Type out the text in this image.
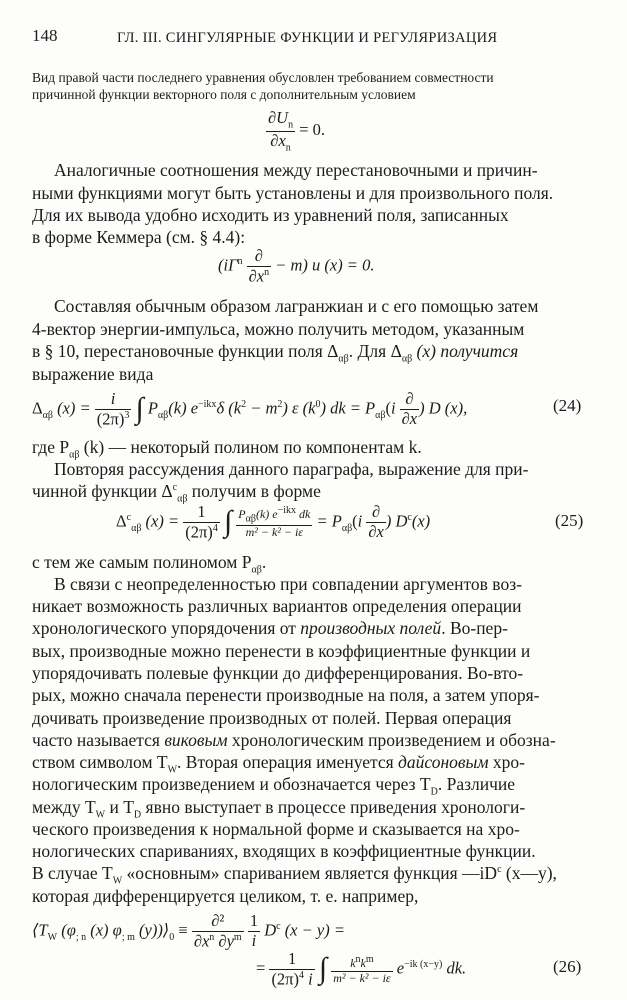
148	ГЛ. III. СИНГУЛЯРНЫЕ ФУНКЦИИ И РЕГУЛЯРИЗАЦИЯ
Вид правой части последнего уравнения обусловлен требованием совместности
причинной функции векторного поля с дополнительным условием
$\frac{\partial U_n}{\partial x_n} = 0$.
Аналогичные соотношения между перестановочными и причин-
ными функциями могут быть установлены и для произвольного поля.
Для их вывода удобно исходить из уравнений поля, записанных
в форме Кеммера (см. § 4.4):
$(i\Gamma^n \frac{\partial}{\partial x^n} - m)$ u (x) = 0.
Составляя обычным образом лагранжиан и с его помощью затем
4-вектор энергии-импульса, можно получить методом, указанным
в § 10, перестановочные функции поля $\Delta_{\alpha\beta}$. Для $\Delta_{\alpha\beta}$ (x) получится
выражение вида
$\Delta_{\alpha\beta}$ $(x) = \frac{i}{(2\pi)^3}$ ∫ $P_{\alpha\beta}(k)$ $e^{-ikx}\delta$ $(k^2 - m^2)$ ε $(k^0)$ dk = $P_{\alpha\beta}(i \frac{\partial}{\partial x}$ ) D (x),	(24)
где $P_{\alpha\beta}$ (k) — некоторый полином по компонентам k.
Повторяя рассуждения данного параграфа, выражение для при-
чинной функции $\Delta^c_{\alpha\beta}$ получим в форме
$\Delta^c_{\alpha\beta}$ $(x) = \frac{1}{(2\pi)^4}$ ∫ $\frac{P_{\alpha\beta}(k) e^{-ikx} dk}{\text{m² − k² − iε}} = P_{\alpha\beta}(i \frac{\partial}{\partial x}$ ) $D^c(x)$	(25)
с тем же самым полиномом $P_{\alpha\beta}$.
В связи с неопределенностью при совпадении аргументов воз-
никает возможность различных вариантов определения операции
хронологического упорядочения от производных полей. Во-пер-
вых, производные можно перенести в коэффициентные функции и
упорядочивать полевые функции до дифференцирования. Во-вто-
рых, можно сначала перенести производные на поля, а затем упоря-
дочивать произведение производных от полей. Первая операция
часто называется виковым хронологическим произведением и обозна-
ством символом $T_W$. Вторая операция именуется дайсоновым хро-
нологическим произведением и обозначается через $T_D$. Различие
между $T_W$ и $T_D$ явно выступает в процессе приведения хронологи-
ческого произведения к нормальной форме и сказывается на хро-
нологических спариваниях, входящих в коэффициентные функции.
В случае $T_W$ «основным» спариванием является функция $—iD^c$ (x—y),
которая дифференцируется целиком, т. е. например,
$⟨T_W$ ($\varphi_{; n}$ (x) $\varphi_{; m}$ $(y))⟩_0 \equiv \frac{\text{∂²}}{\partial x^n \partial y^m}$
$\frac{1}{i} D^c$ (x − y) =
= $\frac{1}{(2\pi)^4 i}$ ∫ $\frac{k^nk^m}{\text{m² − k² − iε}} e^{-ik (x-y)}$ dk.	(26)
